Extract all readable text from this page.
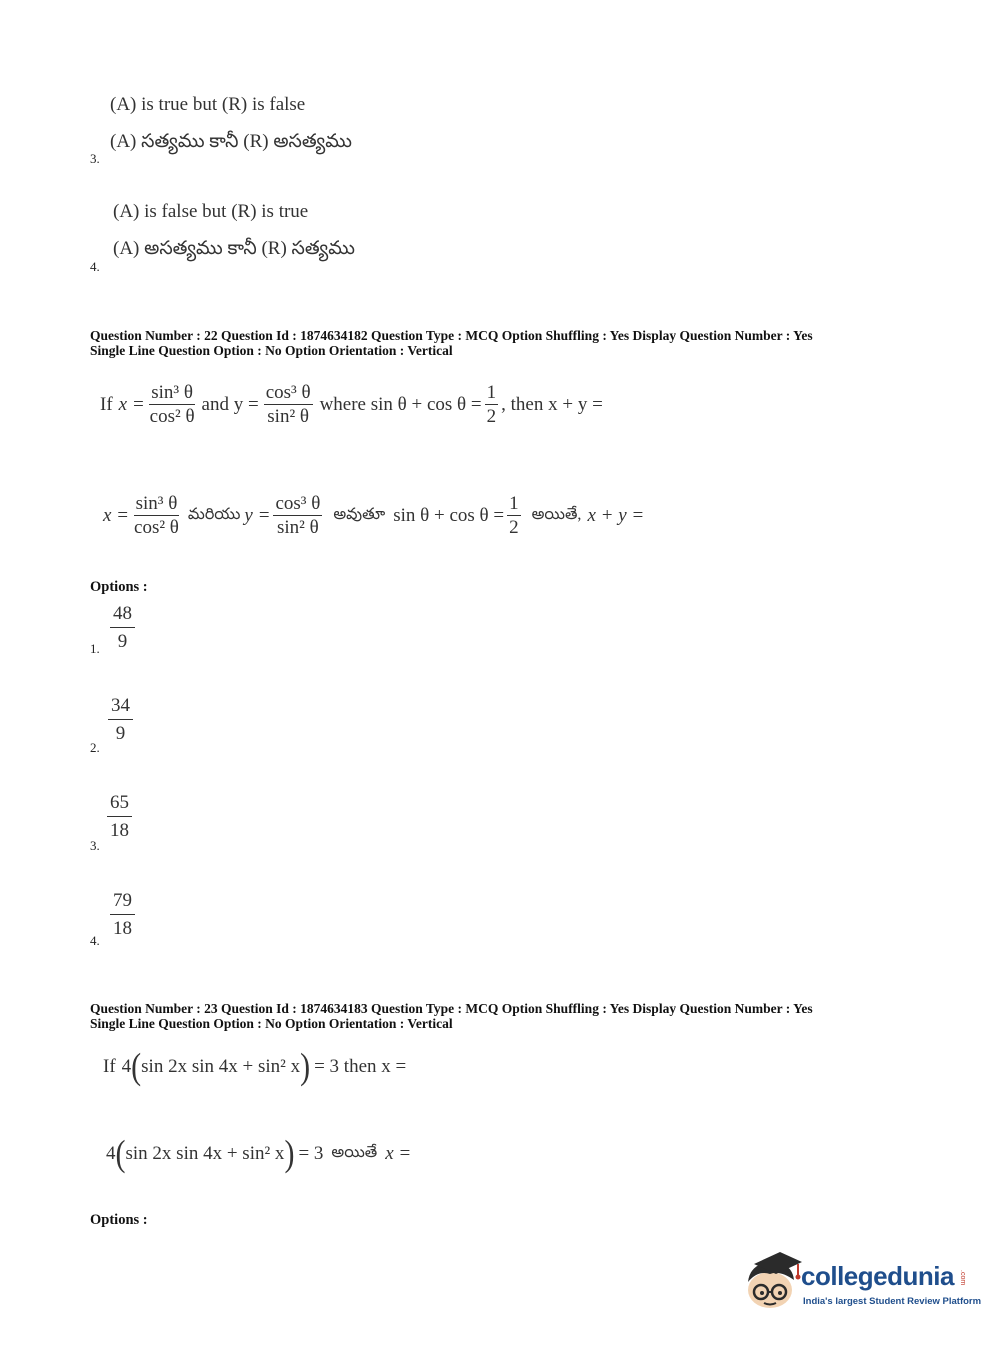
(A) is true but (R) is false
(A) సత్యము కానీ (R) అసత్యము
3.
(A) is false but (R) is true
(A) అసత్యము కానీ (R) సత్యము
4.
Question Number : 22 Question Id : 1874634182 Question Type : MCQ Option Shuffling : Yes Display Question Number : Yes
Single Line Question Option : No Option Orientation : Vertical
If $x = \frac{\text{sin³ θ}}{\text{cos² θ}}$ and $y = \frac{\text{cos³ θ}}{\text{sin² θ}}$ where $\sin \theta + \cos \theta = \frac{1}{2}$ , then x + y =
$x = \frac{\text{sin³ θ}}{\text{cos² θ}}$ మరియు $y = \frac{\text{cos³ θ}}{\text{sin² θ}}$ అవుతూ $\sin \theta + \cos \theta = \frac{1}{2}$ అయితే, x + y =
Options :
1. $\frac{48}{9}$
2.
$\frac{34}{9}$
3.
$\frac{65}{18}$
4.
$\frac{79}{18}$
Question Number : 23 Question Id : 1874634183 Question Type : MCQ Option Shuffling : Yes Display Question Number : Yes
Single Line Question Option : No Option Orientation : Vertical
If 4 ( sin 2x sin 4x + sin² x ) = 3 then x =
4 ( sin 2x sin 4x + sin² x ) = 3 అయితే x =
Options :
collegedunia .com
India's largest Student Review Platform
